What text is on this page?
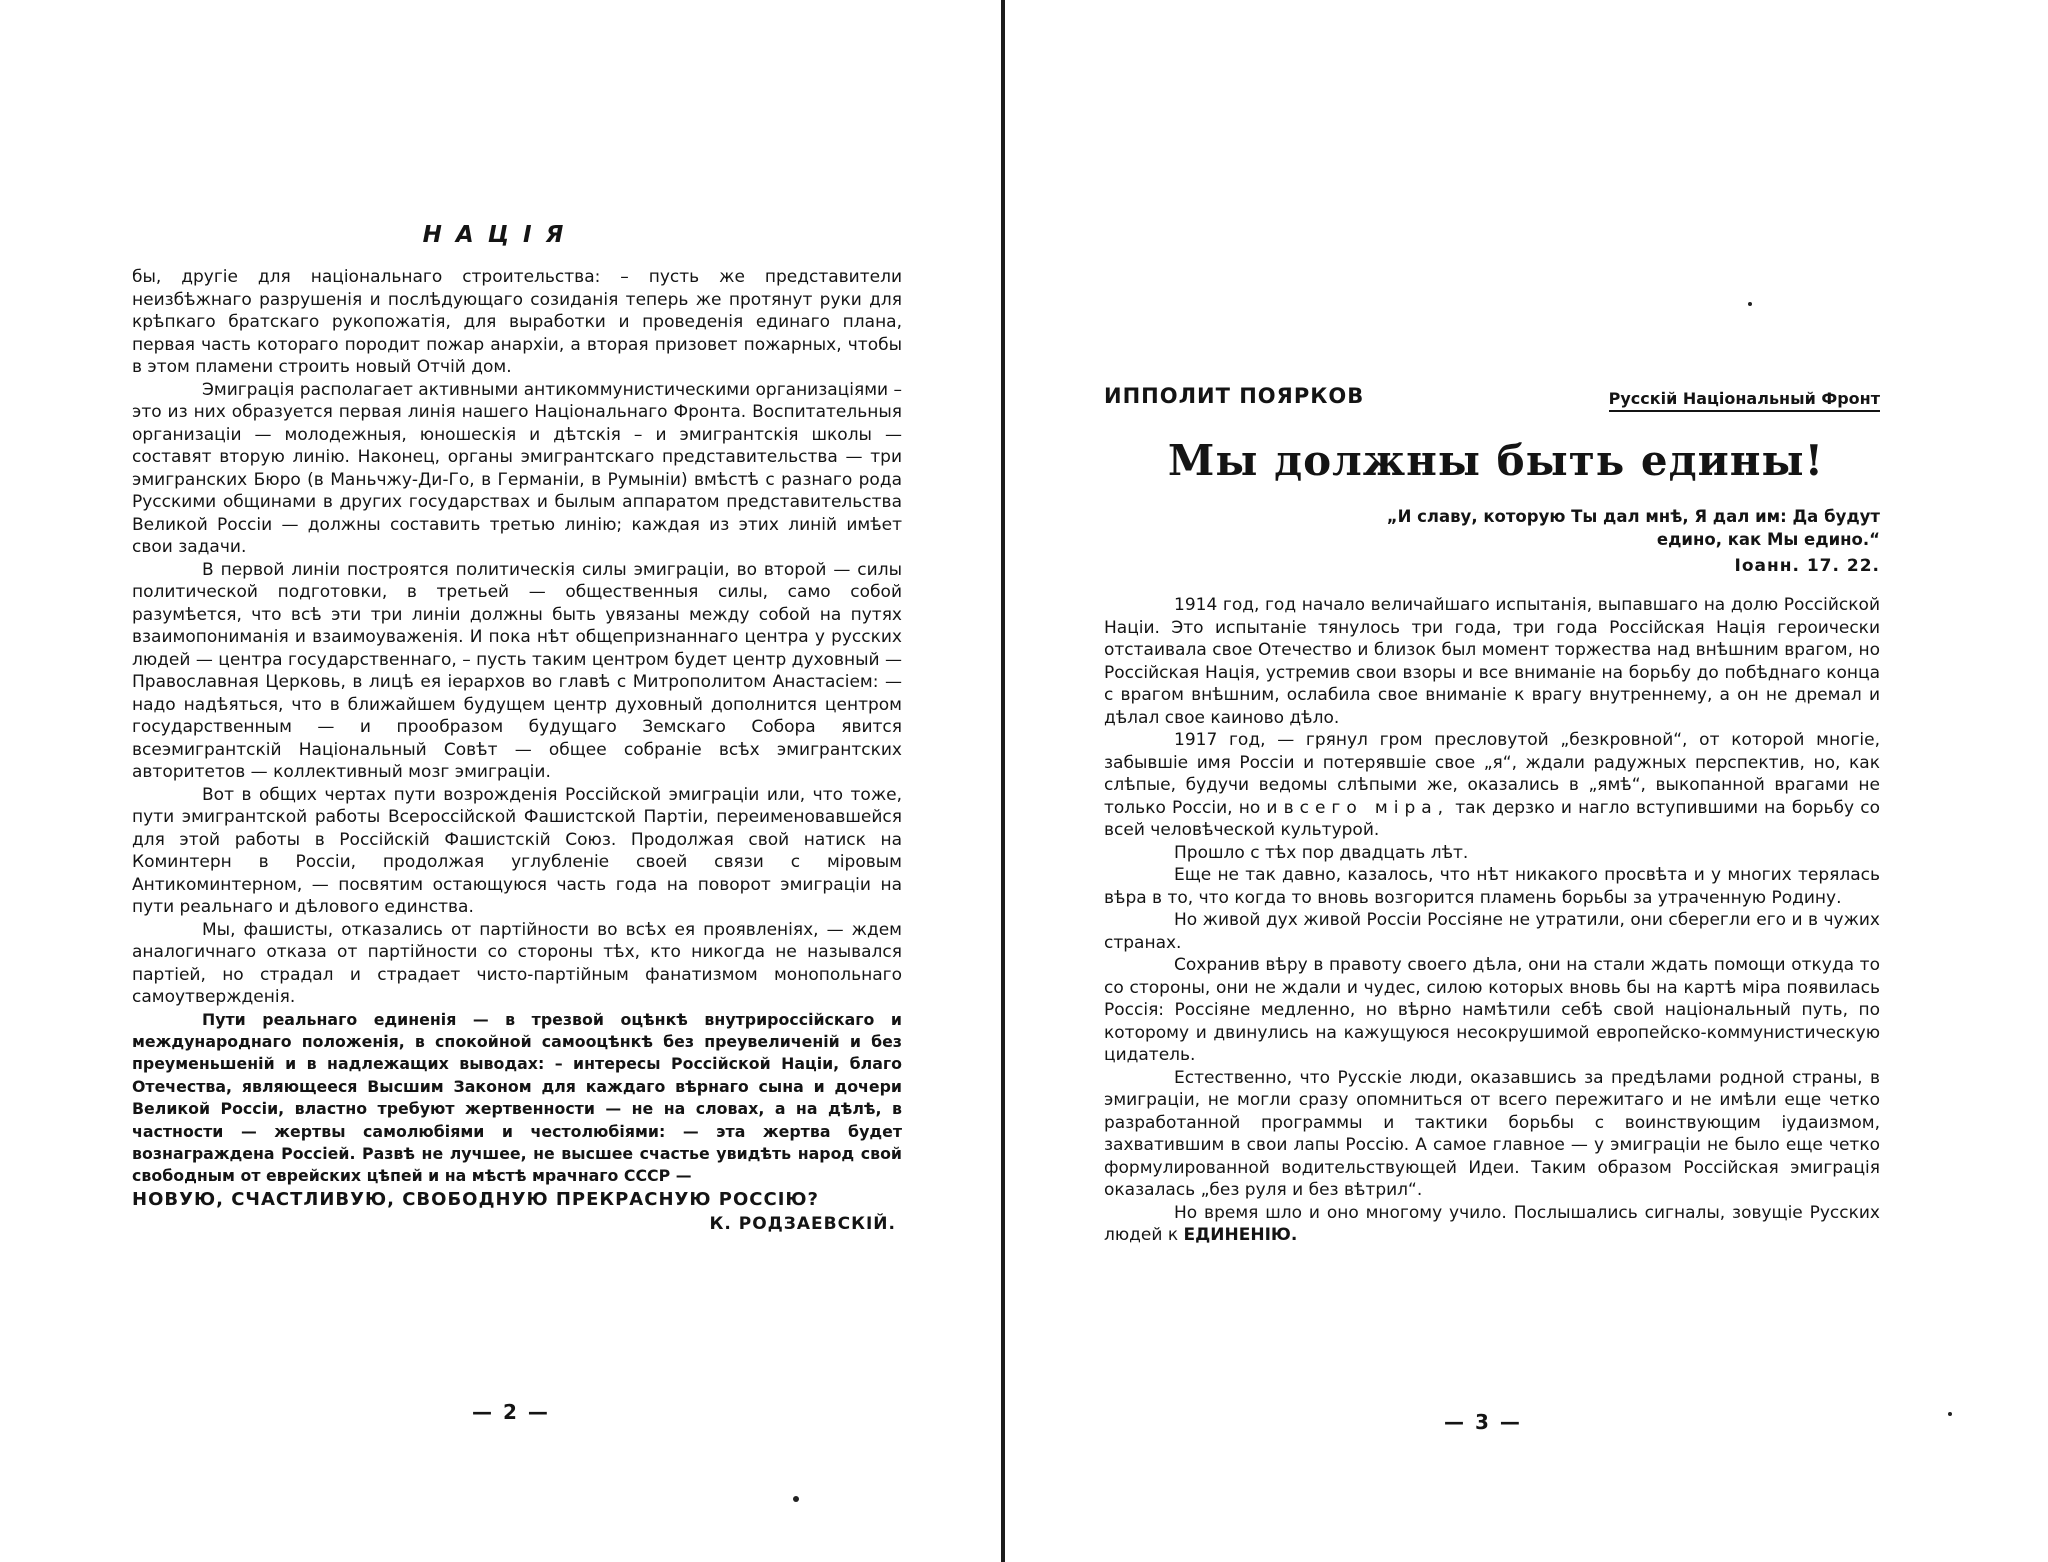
НАЦІЯ

бы, другіе для національнаго строительства: – пусть же представители неизбѣжнаго разрушенія и послѣдующаго созиданія теперь же протянут руки для крѣпкаго братскаго рукопожатія, для выработки и проведенія единаго плана, первая часть котораго породит пожар анархіи, а вторая призовет пожарных, чтобы в этом пламени строить новый Отчій дом.

Эмиграція располагает активными антикоммунистическими организаціями – это из них образуется первая линія нашего Національнаго Фронта. Воспитательныя организаціи — молодежныя, юношескія и дѣтскія – и эмигрантскія школы — составят вторую линію. Наконец, органы эмигрантскаго представительства — три эмигранских Бюро (в Маньчжу-Ди-Го, в Германіи, в Румыніи) вмѣстѣ с разнаго рода Русскими общинами в других государствах и былым аппаратом представительства Великой Россіи — должны составить третью линію; каждая из этих линій имѣет свои задачи.

В первой линіи построятся политическія силы эмиграціи, во второй — силы политической подготовки, в третьей — общественныя силы, само собой разумѣется, что всѣ эти три линіи должны быть увязаны между собой на путях взаимопониманія и взаимоуваженія. И пока нѣт общепризнаннаго центра у русских людей — центра государственнаго, – пусть таким центром будет центр духовный — Православная Церковь, в лицѣ ея іерархов во главѣ с Митрополитом Анастасіем: — надо надѣяться, что в ближайшем будущем центр духовный дополнится центром государственным — и прообразом будущаго Земскаго Собора явится всеэмигрантскій Національный Совѣт — общее собраніе всѣх эмигрантских авторитетов — коллективный мозг эмиграціи.

Вот в общих чертах пути возрожденія Россійской эмиграціи или, что тоже, пути эмигрантской работы Всероссійской Фашистской Партіи, переименовавшейся для этой работы в Россійскій Фашистскій Союз. Продолжая свой натиск на Коминтерн в Россіи, продолжая углубленіе своей связи с міровым Антикоминтерном, — посвятим остающуюся часть года на поворот эмиграціи на пути реальнаго и дѣлового единства.

Мы, фашисты, отказались от партійности во всѣх ея проявленіях, — ждем аналогичнаго отказа от партійности со стороны тѣх, кто никогда не назывался партіей, но страдал и страдает чисто-партійным фанатизмом монопольнаго самоутвержденія.

Пути реальнаго единенія — в трезвой оцѣнкѣ внутрироссійскаго и международнаго положенія, в спокойной самооцѣнкѣ без преувеличеній и без преуменьшеній и в надлежащих выводах: – интересы Россійской Націи, благо Отечества, являющееся Высшим Законом для каждаго вѣрнаго сына и дочери Великой Россіи, властно требуют жертвенности — не на словах, а на дѣлѣ, в частности — жертвы самолюбіями и честолюбіями: — эта жертва будет вознаграждена Россіей. Развѣ не лучшее, не высшее счастье увидѣть народ свой свободным от еврейских цѣпей и на мѣстѣ мрачнаго СССР —

НОВУЮ, СЧАСТЛИВУЮ, СВОБОДНУЮ ПРЕКРАСНУЮ РОССІЮ?

К. РОДЗАЕВСКІЙ.

— 2 —
ИППОЛИТ ПОЯРКОВ	Русскій Національный Фронт
Мы должны быть едины!
„И славу, которую Ты дал мнѣ, Я дал им: Да будут едино, как Мы едино.“
Іоанн. 17. 22.

1914 год, год начало величайшаго испытанія, выпавшаго на долю Россійской Націи. Это испытаніе тянулось три года, три года Россійская Нація героически отстаивала свое Отечество и близок был момент торжества над внѣшним врагом, но Россійская Нація, устремив свои взоры и все вниманіе на борьбу до побѣднаго конца с врагом внѣшним, ослабила свое вниманіе к врагу внутреннему, а он не дремал и дѣлал свое каиново дѣло.

1917 год, — грянул гром пресловутой „безкровной“, от которой многіе, забывшіе имя Россіи и потерявшіе свое „я“, ждали радужных перспектив, но, как слѣпые, будучи ведомы слѣпыми же, оказались в „ямѣ“, выкопанной врагами не только Россіи, но и всего міра, так дерзко и нагло вступившими на борьбу со всей человѣческой культурой.

Прошло с тѣх пор двадцать лѣт.

Еще не так давно, казалось, что нѣт никакого просвѣта и у многих терялась вѣра в то, что когда то вновь возгорится пламень борьбы за утраченную Родину.

Но живой дух живой Россіи Россіяне не утратили, они сберегли его и в чужих странах.

Сохранив вѣру в правоту своего дѣла, они на стали ждать помощи откуда то со стороны, они не ждали и чудес, силою которых вновь бы на картѣ міра появилась Россія: Россіяне медленно, но вѣрно намѣтили себѣ свой національный путь, по которому и двинулись на кажущуюся несокрушимой европейско-коммунистическую цидатель.

Естественно, что Русскіе люди, оказавшись за предѣлами родной страны, в эмиграціи, не могли сразу опомниться от всего пережитаго и не имѣли еще четко разработанной программы и тактики борьбы с воинствующим іудаизмом, захватившим в свои лапы Россію. А самое главное — у эмиграціи не было еще четко формулированной водительствующей Идеи. Таким образом Россійская эмиграція оказалась „без руля и без вѣтрил“.

Но время шло и оно многому учило. Послышались сигналы, зовущіе Русских людей к ЕДИНЕНІЮ.

— 3 —
